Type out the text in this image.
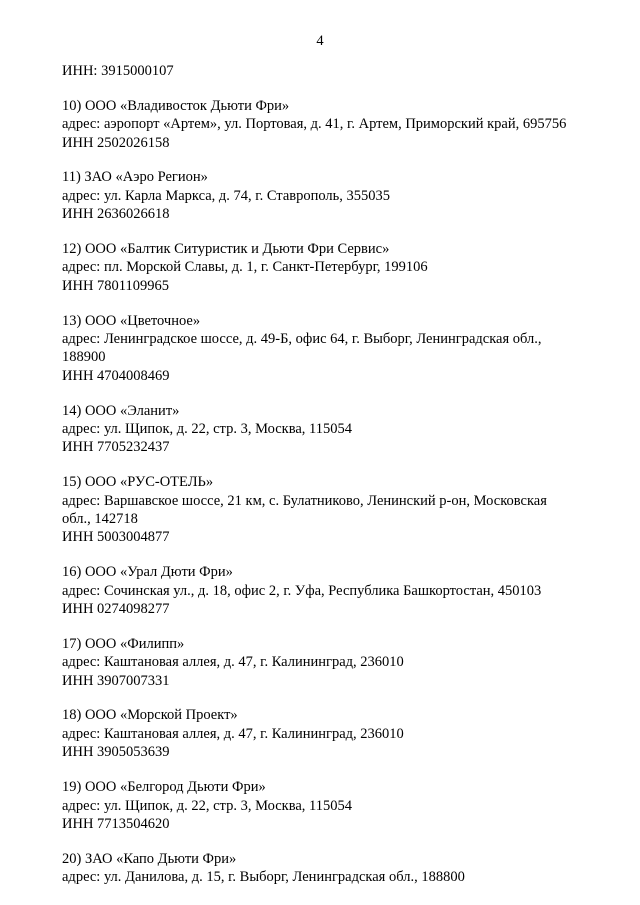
4
ИНН: 3915000107
10) ООО «Владивосток Дьюти Фри»
адрес: аэропорт «Артем», ул. Портовая, д. 41, г. Артем, Приморский край, 695756
ИНН 2502026158
11) ЗАО «Аэро Регион»
адрес: ул. Карла Маркса, д. 74, г. Ставрополь, 355035
ИНН 2636026618
12) ООО «Балтик Ситуристик и Дьюти Фри Сервис»
адрес: пл. Морской Славы, д. 1, г. Санкт-Петербург, 199106
ИНН 7801109965
13) ООО «Цветочное»
адрес: Ленинградское шоссе, д. 49-Б, офис 64, г. Выборг, Ленинградская обл.,
188900
ИНН 4704008469
14) ООО «Эланит»
адрес: ул. Щипок, д. 22, стр. 3, Москва, 115054
ИНН 7705232437
15) ООО «РУС-ОТЕЛЬ»
адрес: Варшавское шоссе, 21 км, с. Булатниково, Ленинский р-он, Московская
обл., 142718
ИНН 5003004877
16) ООО «Урал Дюти Фри»
адрес: Сочинская ул., д. 18, офис 2, г. Уфа, Республика Башкортостан, 450103
ИНН 0274098277
17) ООО «Филипп»
адрес: Каштановая аллея, д. 47, г. Калининград, 236010
ИНН 3907007331
18) ООО «Морской Проект»
адрес: Каштановая аллея, д. 47, г. Калининград, 236010
ИНН 3905053639
19) ООО «Белгород Дьюти Фри»
адрес: ул. Щипок, д. 22, стр. 3, Москва, 115054
ИНН 7713504620
20) ЗАО «Капо Дьюти Фри»
адрес: ул. Данилова, д. 15, г. Выборг, Ленинградская обл., 188800
